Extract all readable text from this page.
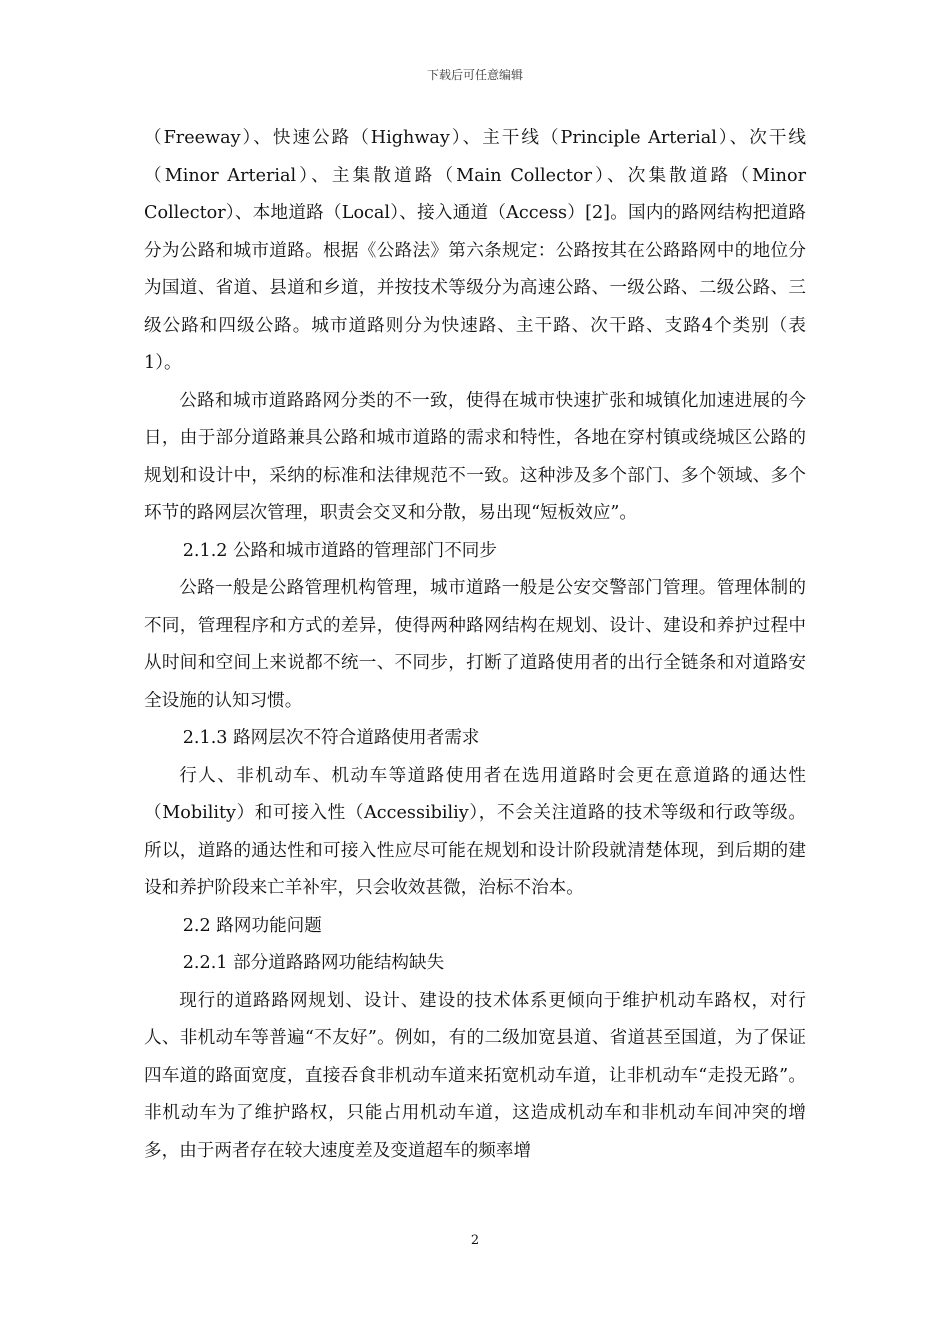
下载后可任意编辑

（Freeway）、快速公路（Highway）、主干线（Principle Arterial）、次干线（Minor Arterial）、主集散道路（Main Collector）、次集散道路（Minor Collector）、本地道路（Local）、接入通道（Access）[2]。国内的路网结构把道路分为公路和城市道路。根据《公路法》第六条规定：公路按其在公路路网中的地位分为国道、省道、县道和乡道，并按技术等级分为高速公路、一级公路、二级公路、三级公路和四级公路。城市道路则分为快速路、主干路、次干路、支路4个类别（表1）。

公路和城市道路路网分类的不一致，使得在城市快速扩张和城镇化加速进展的今日，由于部分道路兼具公路和城市道路的需求和特性，各地在穿村镇或绕城区公路的规划和设计中，采纳的标准和法律规范不一致。这种涉及多个部门、多个领域、多个环节的路网层次管理，职责会交叉和分散，易出现“短板效应”。

2.1.2 公路和城市道路的管理部门不同步

公路一般是公路管理机构管理，城市道路一般是公安交警部门管理。管理体制的不同，管理程序和方式的差异，使得两种路网结构在规划、设计、建设和养护过程中从时间和空间上来说都不统一、不同步，打断了道路使用者的出行全链条和对道路安全设施的认知习惯。

2.1.3 路网层次不符合道路使用者需求

行人、非机动车、机动车等道路使用者在选用道路时会更在意道路的通达性（Mobility）和可接入性（Accessibiliy），不会关注道路的技术等级和行政等级。所以，道路的通达性和可接入性应尽可能在规划和设计阶段就清楚体现，到后期的建设和养护阶段来亡羊补牢，只会收效甚微，治标不治本。

2.2 路网功能问题

2.2.1 部分道路路网功能结构缺失

现行的道路路网规划、设计、建设的技术体系更倾向于维护机动车路权，对行人、非机动车等普遍“不友好”。例如，有的二级加宽县道、省道甚至国道，为了保证四车道的路面宽度，直接吞食非机动车道来拓宽机动车道，让非机动车“走投无路”。非机动车为了维护路权，只能占用机动车道，这造成机动车和非机动车间冲突的增多，由于两者存在较大速度差及变道超车的频率增

2
